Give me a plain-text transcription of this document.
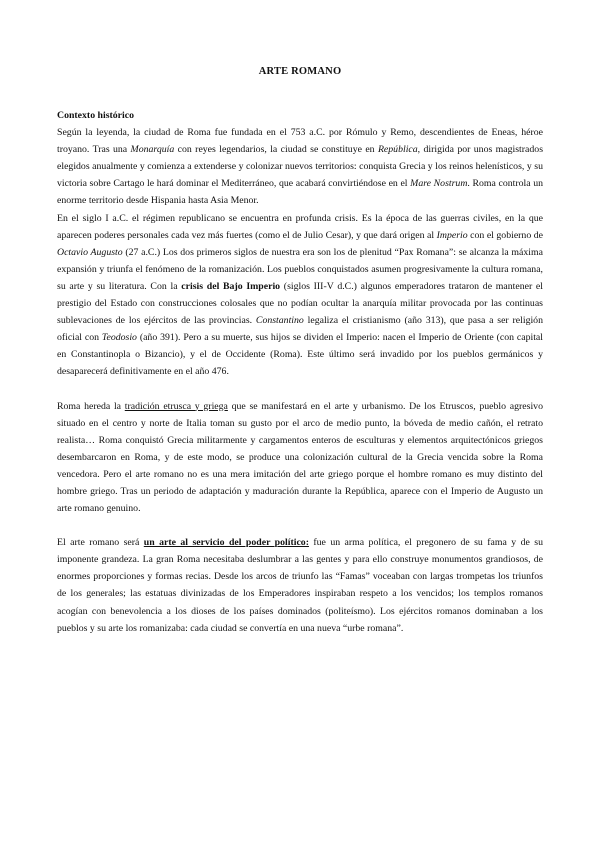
ARTE ROMANO

Contexto histórico

Según la leyenda, la ciudad de Roma fue fundada en el 753 a.C. por Rómulo y Remo, descendientes de Eneas, héroe troyano. Tras una Monarquía con reyes legendarios, la ciudad se constituye en República, dirigida por unos magistrados elegidos anualmente y comienza a extenderse y colonizar nuevos territorios: conquista Grecia y los reinos helenísticos, y su victoria sobre Cartago le hará dominar el Mediterráneo, que acabará convirtiéndose en el Mare Nostrum. Roma controla un enorme territorio desde Hispania hasta Asia Menor.

En el siglo I a.C. el régimen republicano se encuentra en profunda crisis. Es la época de las guerras civiles, en la que aparecen poderes personales cada vez más fuertes (como el de Julio Cesar), y que dará origen al Imperio con el gobierno de Octavio Augusto (27 a.C.) Los dos primeros siglos de nuestra era son los de plenitud “Pax Romana”: se alcanza la máxima expansión y triunfa el fenómeno de la romanización. Los pueblos conquistados asumen progresivamente la cultura romana, su arte y su literatura. Con la crisis del Bajo Imperio (siglos III-V d.C.) algunos emperadores trataron de mantener el prestigio del Estado con construcciones colosales que no podían ocultar la anarquía militar provocada por las continuas sublevaciones de los ejércitos de las provincias. Constantino legaliza el cristianismo (año 313), que pasa a ser religión oficial con Teodosio (año 391). Pero a su muerte, sus hijos se dividen el Imperio: nacen el Imperio de Oriente (con capital en Constantinopla o Bizancio), y el de Occidente (Roma). Este último será invadido por los pueblos germánicos y desaparecerá definitivamente en el año 476.

Roma hereda la tradición etrusca y griega que se manifestará en el arte y urbanismo. De los Etruscos, pueblo agresivo situado en el centro y norte de Italia toman su gusto por el arco de medio punto, la bóveda de medio cañón, el retrato realista… Roma conquistó Grecia militarmente y cargamentos enteros de esculturas y elementos arquitectónicos griegos desembarcaron en Roma, y de este modo, se produce una colonización cultural de la Grecia vencida sobre la Roma vencedora. Pero el arte romano no es una mera imitación del arte griego porque el hombre romano es muy distinto del hombre griego. Tras un periodo de adaptación y maduración durante la República, aparece con el Imperio de Augusto un arte romano genuino.

El arte romano será un arte al servicio del poder político: fue un arma política, el pregonero de su fama y de su imponente grandeza. La gran Roma necesitaba deslumbrar a las gentes y para ello construye monumentos grandiosos, de enormes proporciones y formas recias. Desde los arcos de triunfo las “Famas” voceaban con largas trompetas los triunfos de los generales; las estatuas divinizadas de los Emperadores inspiraban respeto a los vencidos; los templos romanos acogían con benevolencia a los dioses de los países dominados (politeísmo). Los ejércitos romanos dominaban a los pueblos y su arte los romanizaba: cada ciudad se convertía en una nueva “urbe romana”.
